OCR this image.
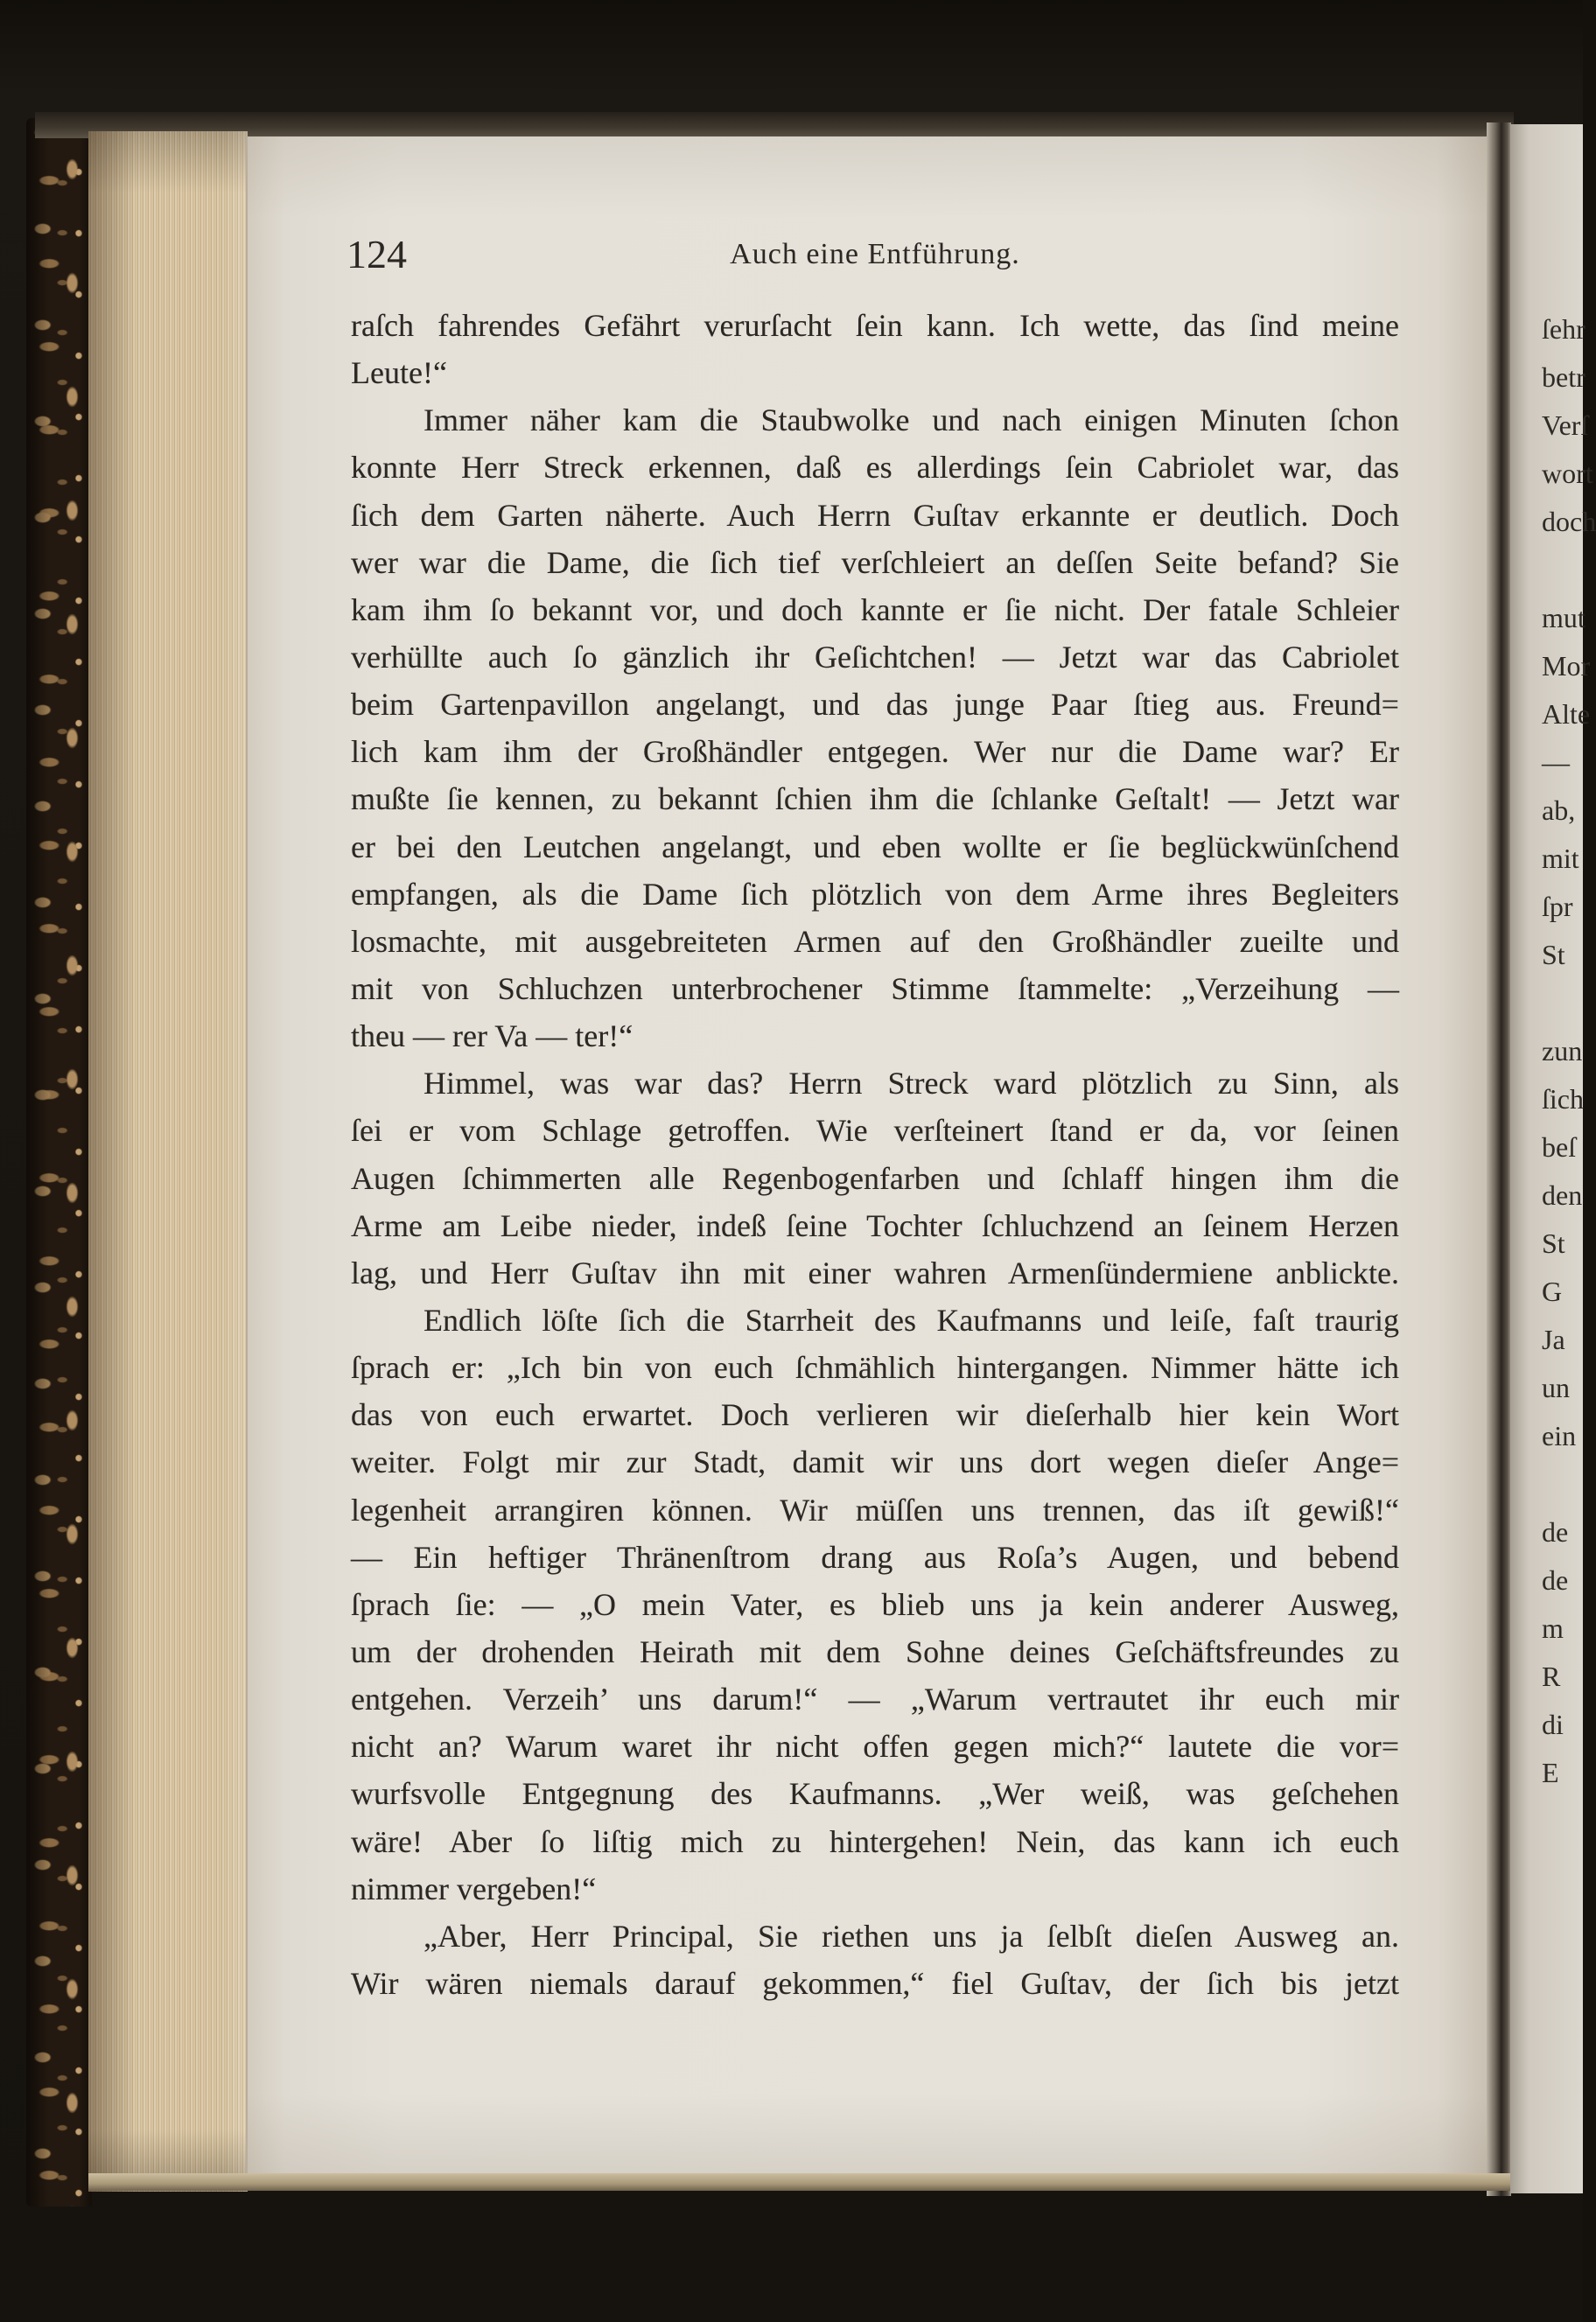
124	Auch eine Entführung.
raſch fahrendes Gefährt verurſacht ſein kann. Ich wette, das ſind meine
Leute!“
Immer näher kam die Staubwolke und nach einigen Minuten ſchon
konnte Herr Streck erkennen, daß es allerdings ſein Cabriolet war, das
ſich dem Garten näherte. Auch Herrn Guſtav erkannte er deutlich. Doch
wer war die Dame, die ſich tief verſchleiert an deſſen Seite befand? Sie
kam ihm ſo bekannt vor, und doch kannte er ſie nicht. Der fatale Schleier
verhüllte auch ſo gänzlich ihr Geſichtchen! — Jetzt war das Cabriolet
beim Gartenpavillon angelangt, und das junge Paar ſtieg aus. Freund=
lich kam ihm der Großhändler entgegen. Wer nur die Dame war? Er
mußte ſie kennen, zu bekannt ſchien ihm die ſchlanke Geſtalt! — Jetzt war
er bei den Leutchen angelangt, und eben wollte er ſie beglückwünſchend
empfangen, als die Dame ſich plötzlich von dem Arme ihres Begleiters
losmachte, mit ausgebreiteten Armen auf den Großhändler zueilte und
mit von Schluchzen unterbrochener Stimme ſtammelte: „Verzeihung —
theu — rer Va — ter!“
Himmel, was war das? Herrn Streck ward plötzlich zu Sinn, als
ſei er vom Schlage getroffen. Wie verſteinert ſtand er da, vor ſeinen
Augen ſchimmerten alle Regenbogenfarben und ſchlaff hingen ihm die
Arme am Leibe nieder, indeß ſeine Tochter ſchluchzend an ſeinem Herzen
lag, und Herr Guſtav ihn mit einer wahren Armenſündermiene anblickte.
Endlich löſte ſich die Starrheit des Kaufmanns und leiſe, faſt traurig
ſprach er: „Ich bin von euch ſchmählich hintergangen. Nimmer hätte ich
das von euch erwartet. Doch verlieren wir dieſerhalb hier kein Wort
weiter. Folgt mir zur Stadt, damit wir uns dort wegen dieſer Ange=
legenheit arrangiren können. Wir müſſen uns trennen, das iſt gewiß!“
— Ein heftiger Thränenſtrom drang aus Roſa’s Augen, und bebend
ſprach ſie: — „O mein Vater, es blieb uns ja kein anderer Ausweg,
um der drohenden Heirath mit dem Sohne deines Geſchäftsfreundes zu
entgehen. Verzeih’ uns darum!“ — „Warum vertrautet ihr euch mir
nicht an? Warum waret ihr nicht offen gegen mich?“ lautete die vor=
wurfsvolle Entgegnung des Kaufmanns. „Wer weiß, was geſchehen
wäre! Aber ſo liſtig mich zu hintergehen! Nein, das kann ich euch
nimmer vergeben!“
„Aber, Herr Principal, Sie riethen uns ja ſelbſt dieſen Ausweg an.
Wir wären niemals darauf gekommen,“ fiel Guſtav, der ſich bis jetzt
ſehr
betr
Verſ
wort
doch
mut
Mor
Alte
—
ab,
mit
ſpr
St
zun
ſich
beſ
den
St
G
Ja
un
ein
de
de
m
R
di
E
